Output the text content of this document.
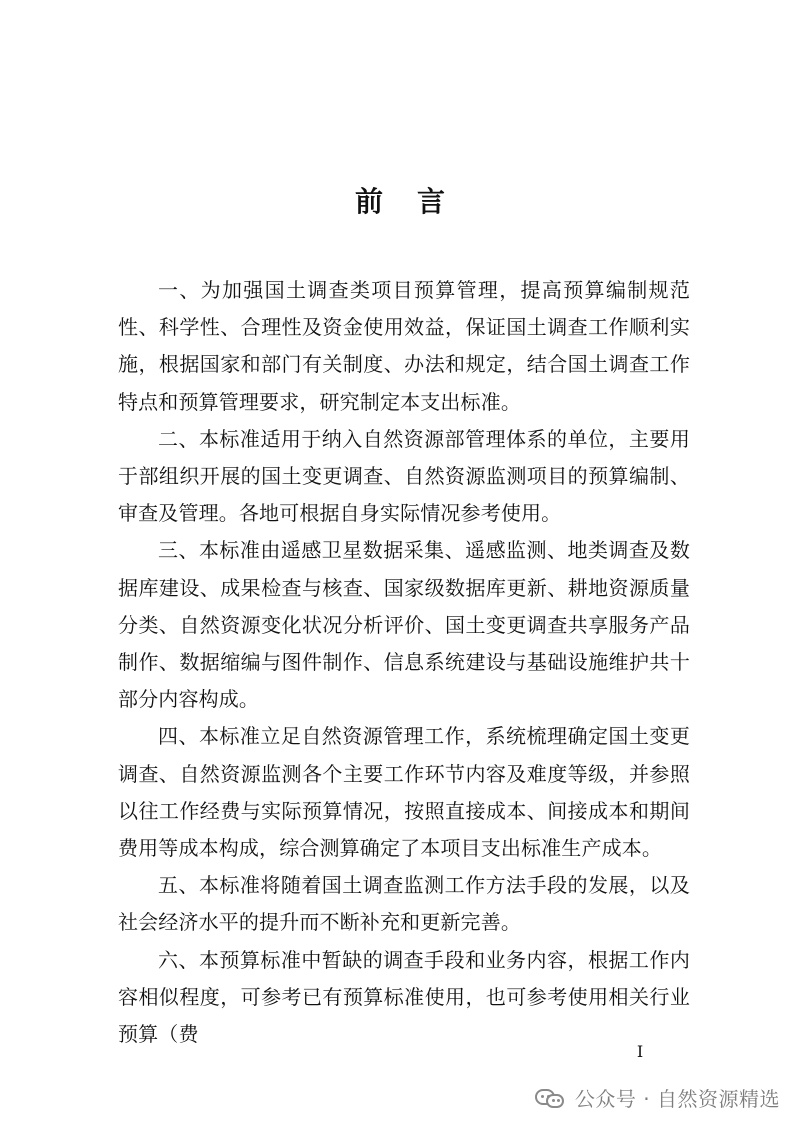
前言

一、为加强国土调查类项目预算管理，提高预算编制规范性、科学性、合理性及资金使用效益，保证国土调查工作顺利实施，根据国家和部门有关制度、办法和规定，结合国土调查工作特点和预算管理要求，研究制定本支出标准。

二、本标准适用于纳入自然资源部管理体系的单位，主要用于部组织开展的国土变更调查、自然资源监测项目的预算编制、审查及管理。各地可根据自身实际情况参考使用。

三、本标准由遥感卫星数据采集、遥感监测、地类调查及数据库建设、成果检查与核查、国家级数据库更新、耕地资源质量分类、自然资源变化状况分析评价、国土变更调查共享服务产品制作、数据缩编与图件制作、信息系统建设与基础设施维护共十部分内容构成。

四、本标准立足自然资源管理工作，系统梳理确定国土变更调查、自然资源监测各个主要工作环节内容及难度等级，并参照以往工作经费与实际预算情况，按照直接成本、间接成本和期间费用等成本构成，综合测算确定了本项目支出标准生产成本。

五、本标准将随着国土调查监测工作方法手段的发展，以及社会经济水平的提升而不断补充和更新完善。

六、本预算标准中暂缺的调查手段和业务内容，根据工作内容相似程度，可参考已有预算标准使用，也可参考使用相关行业预算（费

I
公众号 · 自然资源精选
